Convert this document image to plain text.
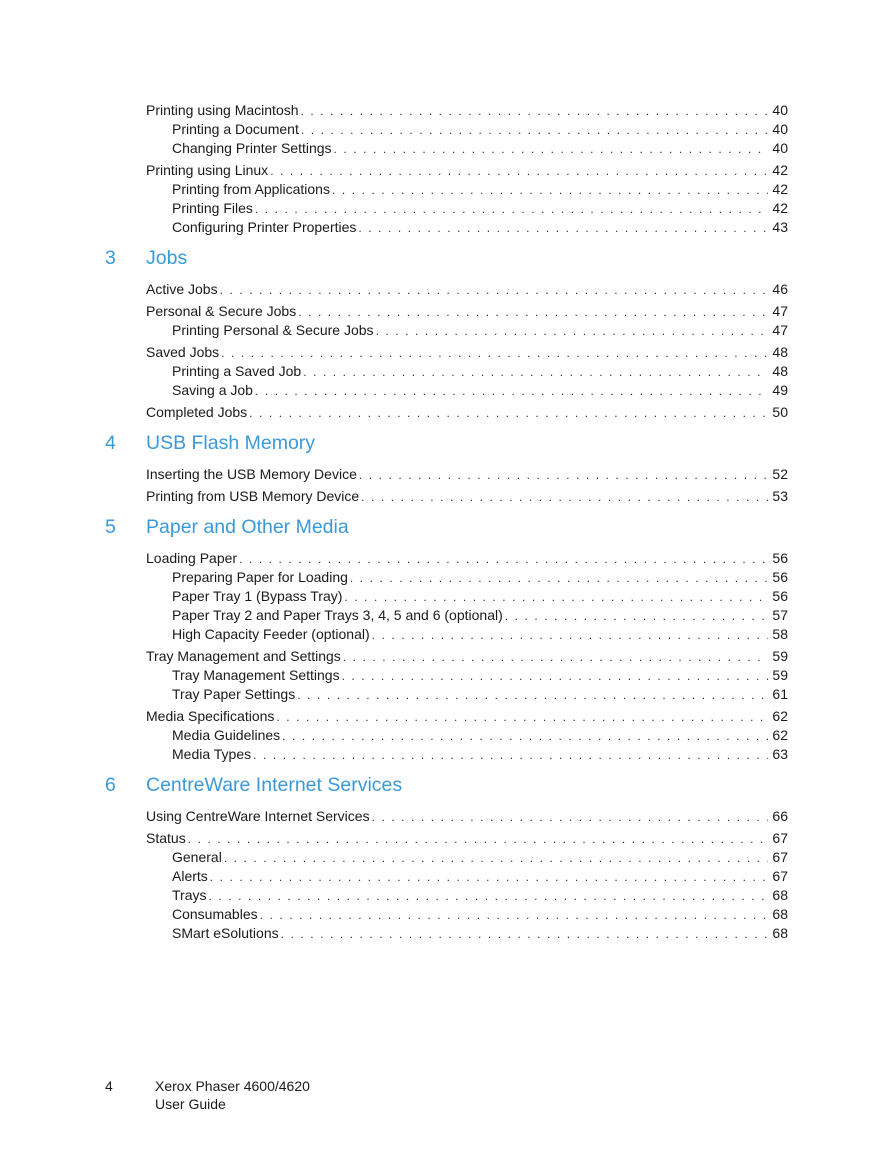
Printing using Macintosh . . .	40
Printing a Document . . .	40
Changing Printer Settings . . .	40
Printing using Linux . . .	42
Printing from Applications . . .	42
Printing Files . . .	42
Configuring Printer Properties . . .	43
3	Jobs
Active Jobs . . .	46
Personal & Secure Jobs . . .	47
Printing Personal & Secure Jobs . . .	47
Saved Jobs . . .	48
Printing a Saved Job . . .	48
Saving a Job . . .	49
Completed Jobs . . .	50
4	USB Flash Memory
Inserting the USB Memory Device . . .	52
Printing from USB Memory Device . . .	53
5	Paper and Other Media
Loading Paper . . .	56
Preparing Paper for Loading . . .	56
Paper Tray 1 (Bypass Tray) . . .	56
Paper Tray 2 and Paper Trays 3, 4, 5 and 6 (optional) . . .	57
High Capacity Feeder (optional) . . .	58
Tray Management and Settings . . .	59
Tray Management Settings . . .	59
Tray Paper Settings . . .	61
Media Specifications . . .	62
Media Guidelines . . .	62
Media Types . . .	63
6	CentreWare Internet Services
Using CentreWare Internet Services . . .	66
Status . . .	67
General . . .	67
Alerts . . .	67
Trays . . .	68
Consumables . . .	68
SMart eSolutions . . .	68
4	Xerox Phaser 4600/4620
User Guide
